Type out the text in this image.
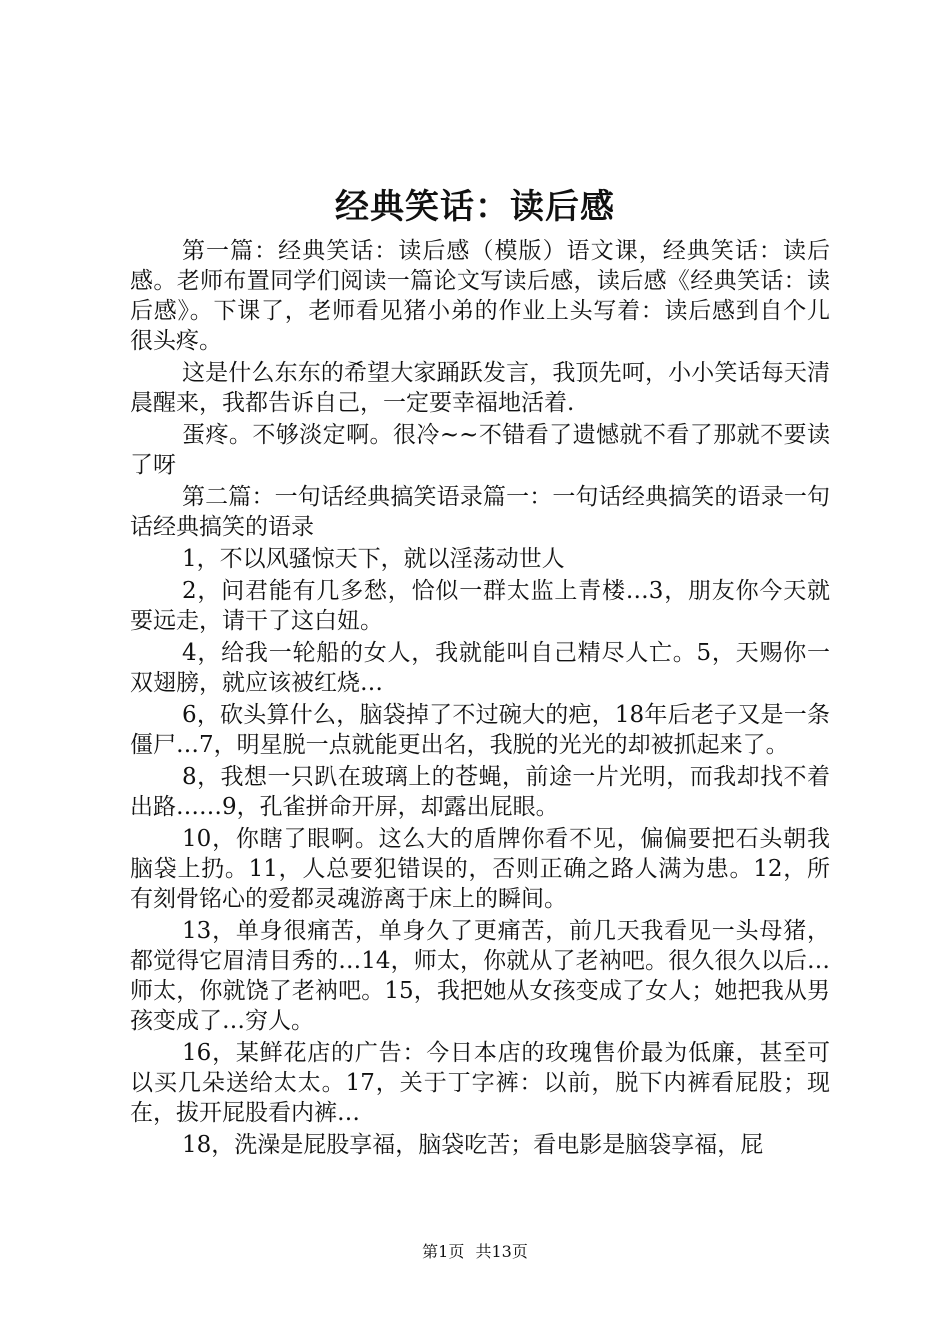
经典笑话：读后感

第一篇：经典笑话：读后感（模版）语文课，经典笑话：读后感。老师布置同学们阅读一篇论文写读后感，读后感《经典笑话：读后感》。下课了，老师看见猪小弟的作业上头写着：读后感到自个儿很头疼。

这是什么东东的希望大家踊跃发言，我顶先呵，小小笑话每天清晨醒来，我都告诉自己，一定要幸福地活着.

蛋疼。不够淡定啊。很冷~~不错看了遗憾就不看了那就不要读了呀

第二篇：一句话经典搞笑语录篇一：一句话经典搞笑的语录一句话经典搞笑的语录

1，不以风骚惊天下，就以淫荡动世人

2，问君能有几多愁，恰似一群太监上青楼…3，朋友你今天就要远走，请干了这白妞。

4，给我一轮船的女人，我就能叫自己精尽人亡。5，天赐你一双翅膀，就应该被红烧…

6，砍头算什么，脑袋掉了不过碗大的疤，18年后老子又是一条僵尸…7，明星脱一点就能更出名，我脱的光光的却被抓起来了。

8，我想一只趴在玻璃上的苍蝇，前途一片光明，而我却找不着出路……9，孔雀拼命开屏，却露出屁眼。

10，你瞎了眼啊。这么大的盾牌你看不见，偏偏要把石头朝我脑袋上扔。11，人总要犯错误的，否则正确之路人满为患。12，所有刻骨铭心的爱都灵魂游离于床上的瞬间。

13，单身很痛苦，单身久了更痛苦，前几天我看见一头母猪，都觉得它眉清目秀的…14，师太，你就从了老衲吧。很久很久以后…师太，你就饶了老衲吧。15，我把她从女孩变成了女人；她把我从男孩变成了…穷人。

16，某鲜花店的广告：今日本店的玫瑰售价最为低廉，甚至可以买几朵送给太太。17，关于丁字裤：以前，脱下内裤看屁股；现在，拔开屁股看内裤…

18，洗澡是屁股享福，脑袋吃苦；看电影是脑袋享福，屁

第1页 共13页
